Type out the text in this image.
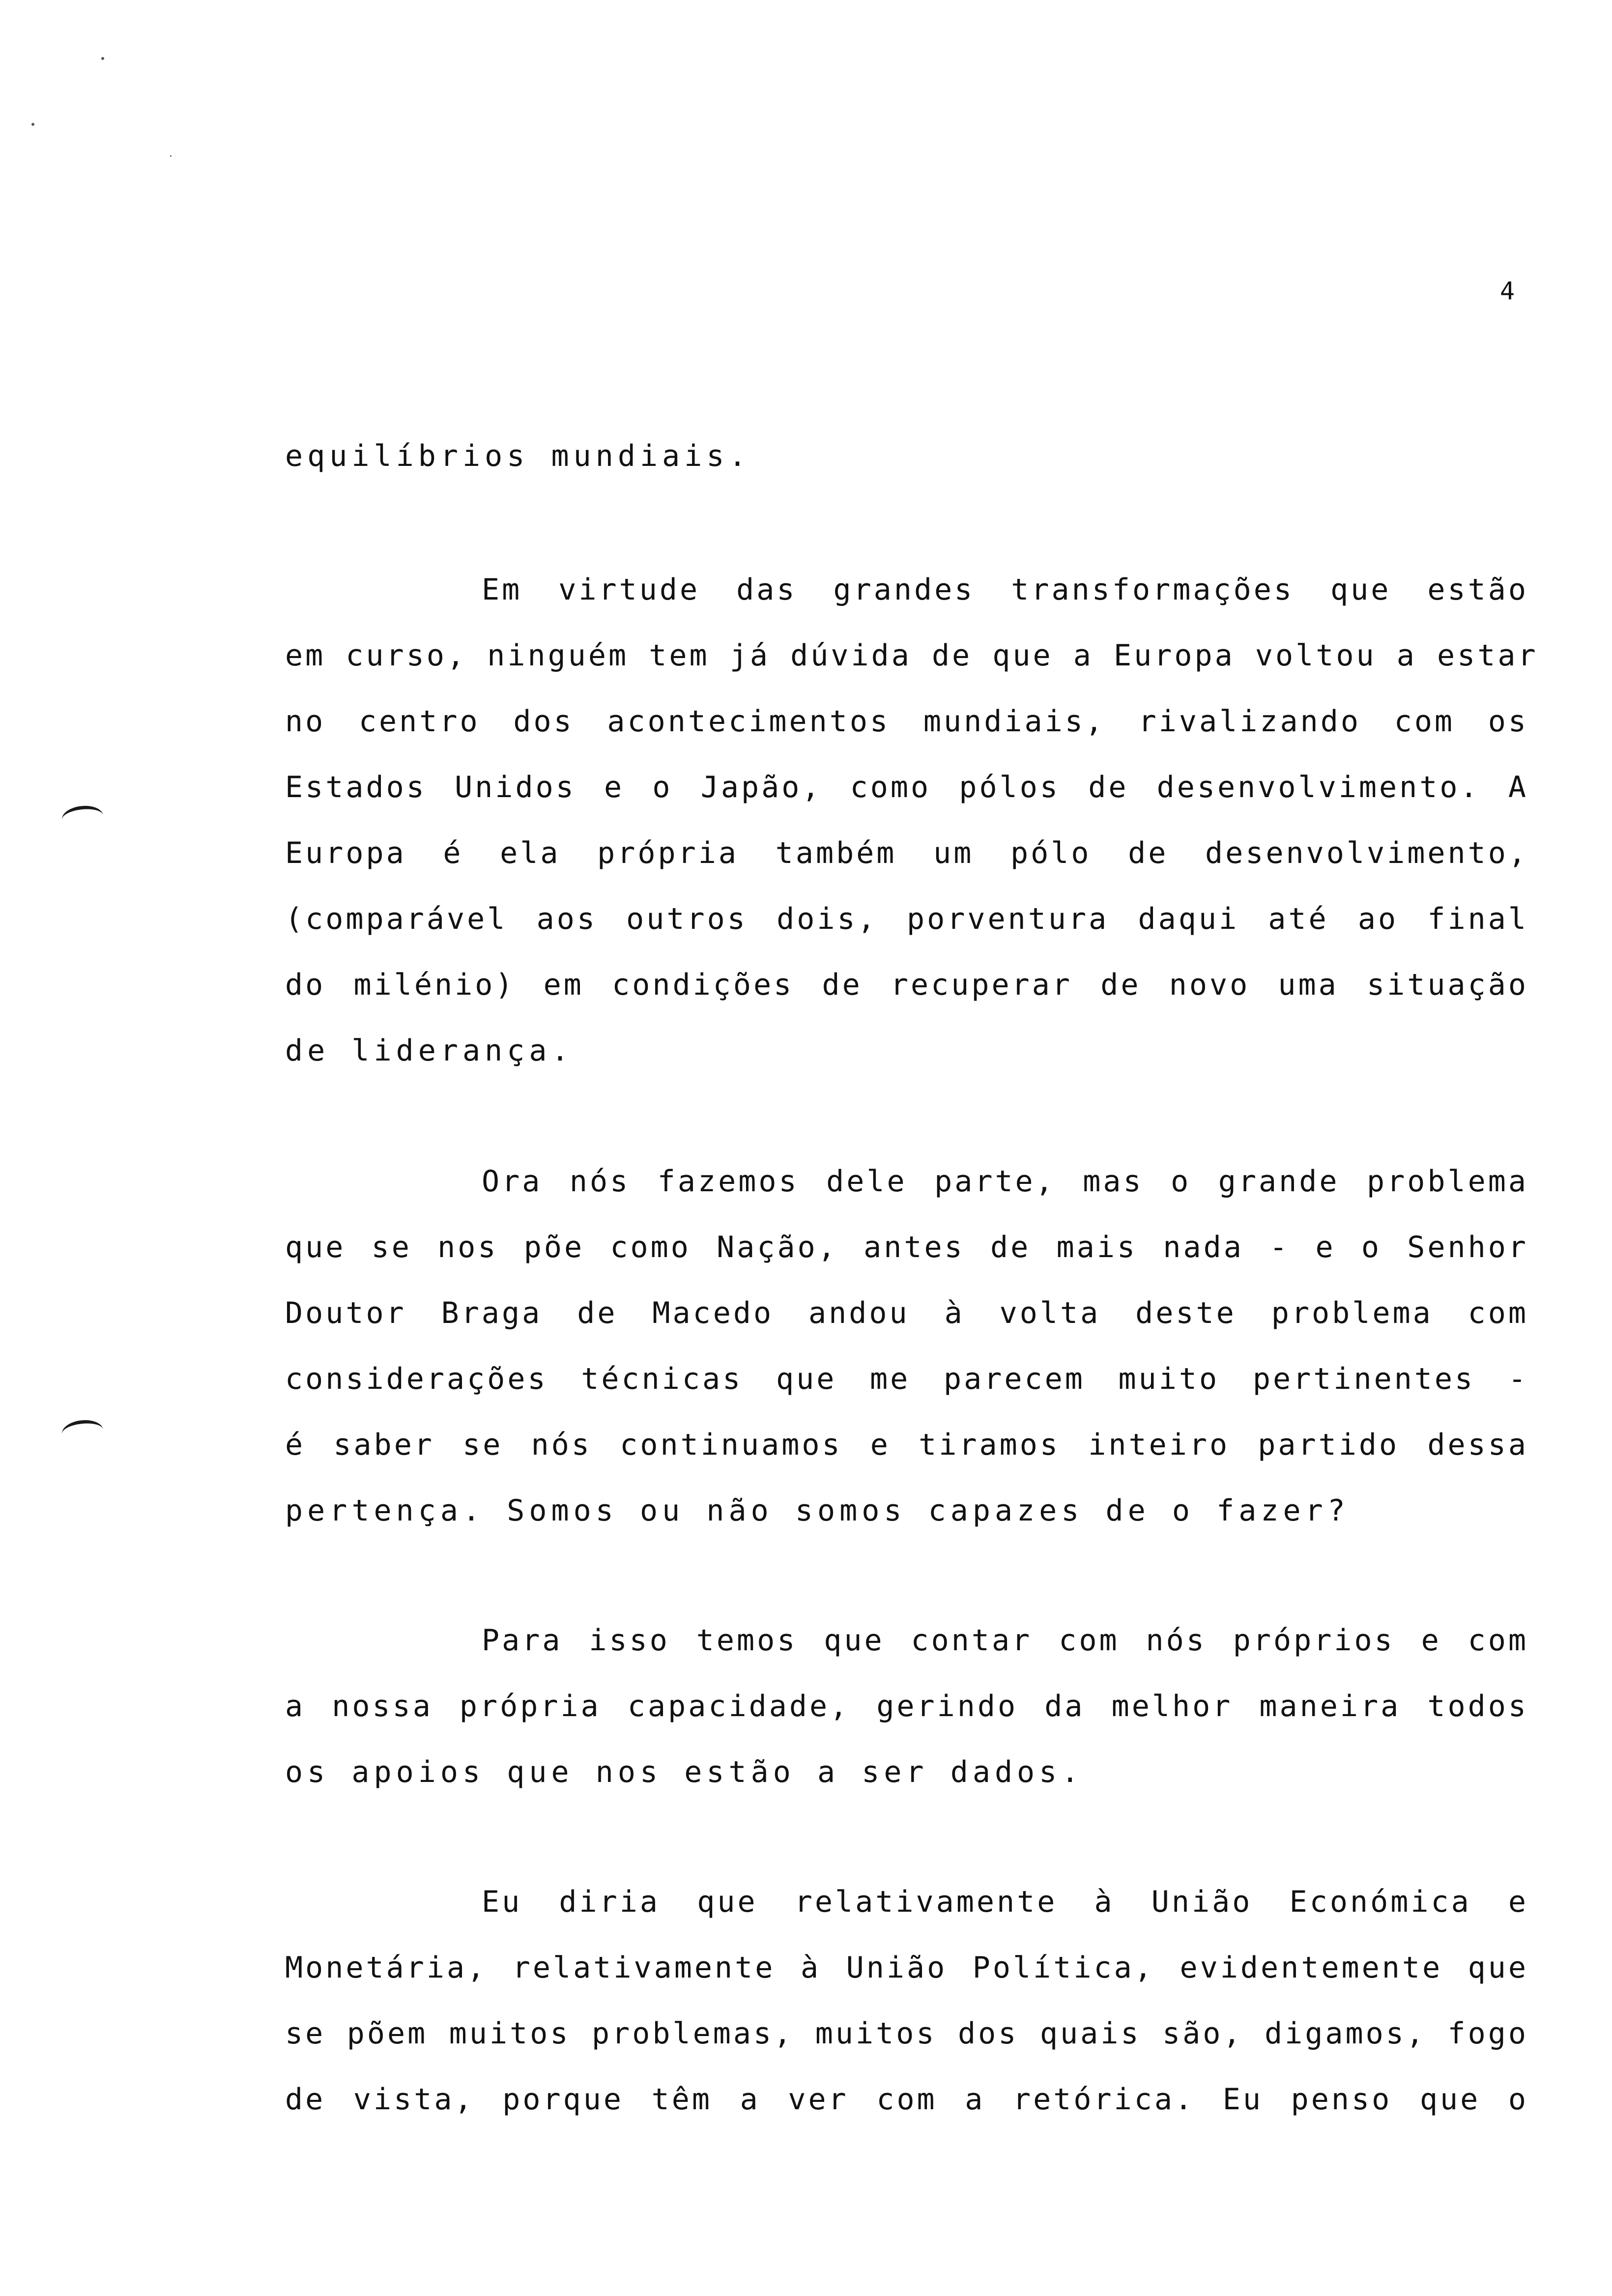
4
equilíbrios mundiais.
Em virtude das grandes transformações que estão
em curso, ninguém tem já dúvida de que a Europa voltou a estar
no centro dos acontecimentos mundiais, rivalizando com os
Estados Unidos e o Japão, como pólos de desenvolvimento. A
Europa é ela própria também um pólo de desenvolvimento,
(comparável aos outros dois, porventura daqui até ao final
do milénio) em condições de recuperar de novo uma situação
de liderança.
Ora nós fazemos dele parte, mas o grande problema
que se nos põe como Nação, antes de mais nada - e o Senhor
Doutor Braga de Macedo andou à volta deste problema com
considerações técnicas que me parecem muito pertinentes -
é saber se nós continuamos e tiramos inteiro partido dessa
pertença. Somos ou não somos capazes de o fazer?
Para isso temos que contar com nós próprios e com
a nossa própria capacidade, gerindo da melhor maneira todos
os apoios que nos estão a ser dados.
Eu diria que relativamente à União Económica e
Monetária, relativamente à União Política, evidentemente que
se põem muitos problemas, muitos dos quais são, digamos, fogo
de vista, porque têm a ver com a retórica. Eu penso que o
